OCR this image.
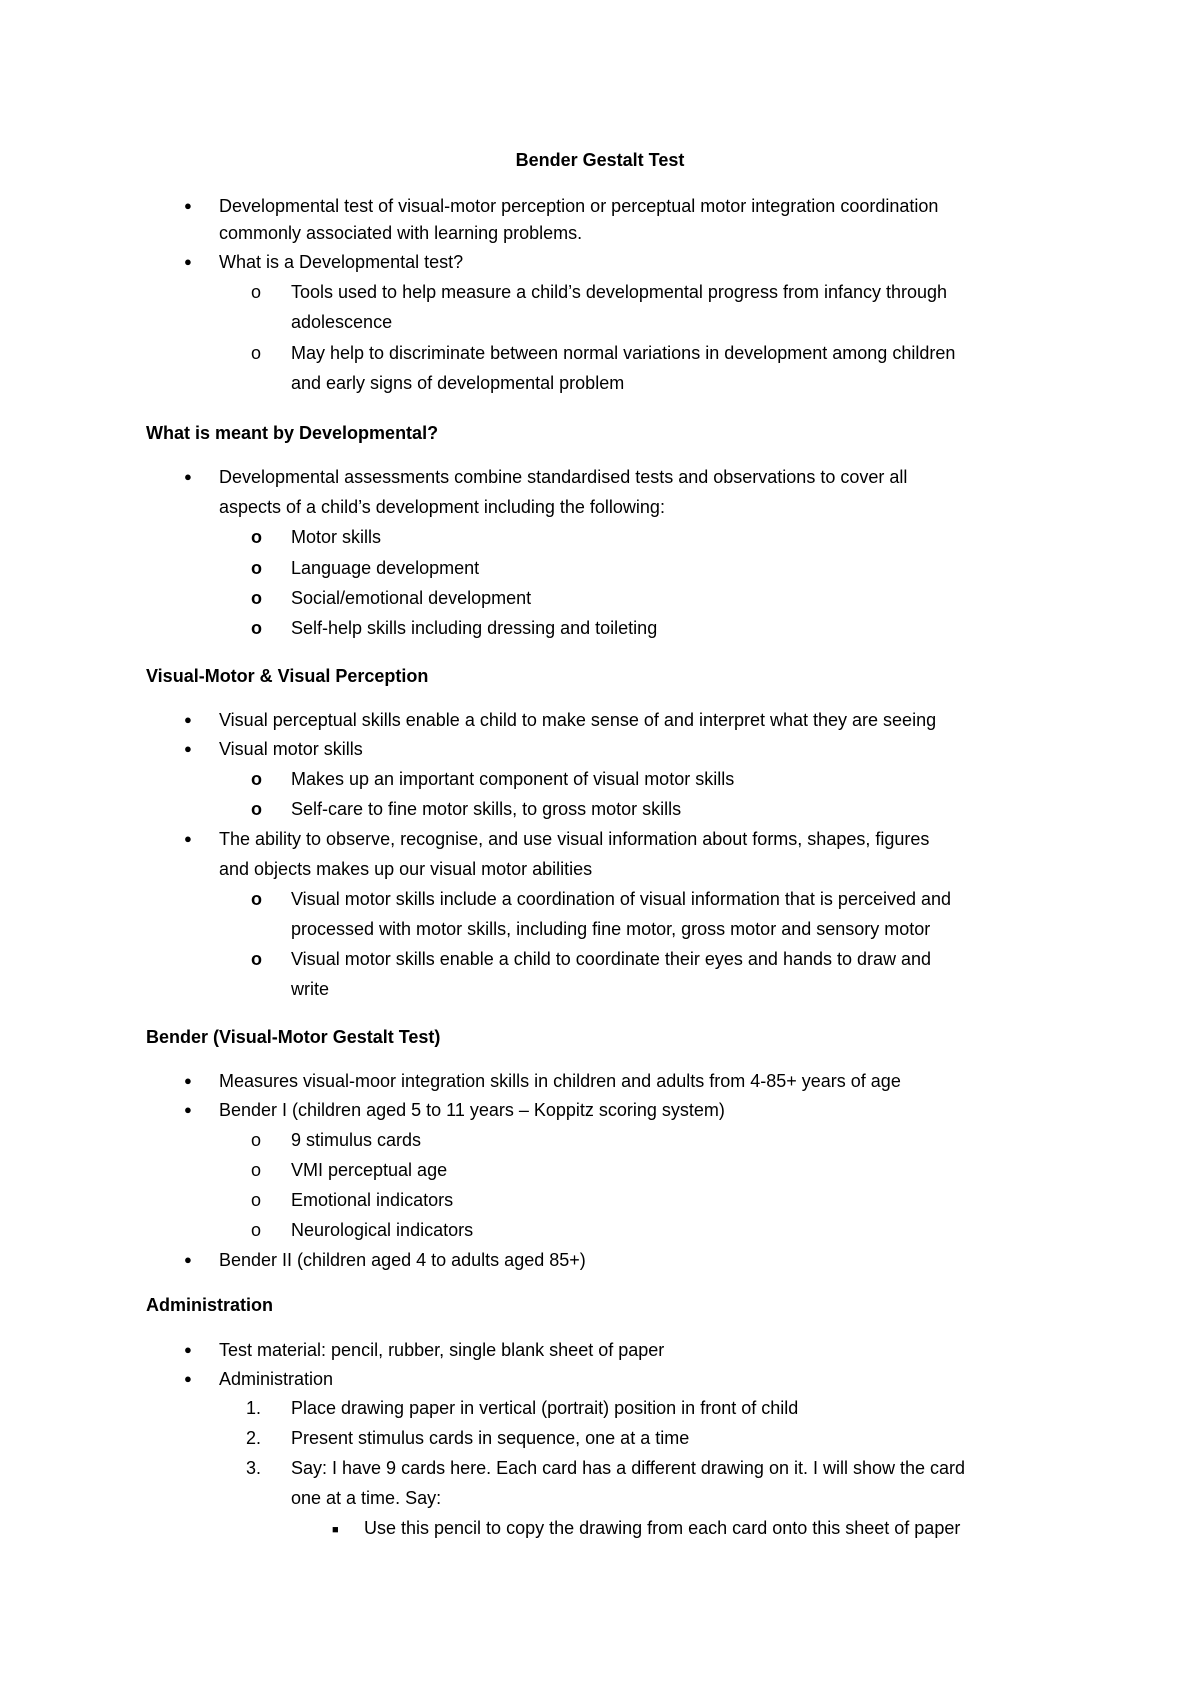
Bender Gestalt Test
● Developmental test of visual-motor perception or perceptual motor integration coordination
commonly associated with learning problems.
● What is a Developmental test?
o Tools used to help measure a child’s developmental progress from infancy through
adolescence
o May help to discriminate between normal variations in development among children
and early signs of developmental problem
What is meant by Developmental?
● Developmental assessments combine standardised tests and observations to cover all
aspects of a child’s development including the following:
o Motor skills
o Language development
o Social/emotional development
o Self-help skills including dressing and toileting
Visual-Motor & Visual Perception
● Visual perceptual skills enable a child to make sense of and interpret what they are seeing
● Visual motor skills
o Makes up an important component of visual motor skills
o Self-care to fine motor skills, to gross motor skills
● The ability to observe, recognise, and use visual information about forms, shapes, figures
and objects makes up our visual motor abilities
o Visual motor skills include a coordination of visual information that is perceived and
processed with motor skills, including fine motor, gross motor and sensory motor
o Visual motor skills enable a child to coordinate their eyes and hands to draw and
write
Bender (Visual-Motor Gestalt Test)
● Measures visual-moor integration skills in children and adults from 4-85+ years of age
● Bender I (children aged 5 to 11 years – Koppitz scoring system)
o 9 stimulus cards
o VMI perceptual age
o Emotional indicators
o Neurological indicators
● Bender II (children aged 4 to adults aged 85+)
Administration
● Test material: pencil, rubber, single blank sheet of paper
● Administration
1. Place drawing paper in vertical (portrait) position in front of child
2. Present stimulus cards in sequence, one at a time
3. Say: I have 9 cards here. Each card has a different drawing on it. I will show the card
one at a time. Say:
■ Use this pencil to copy the drawing from each card onto this sheet of paper
